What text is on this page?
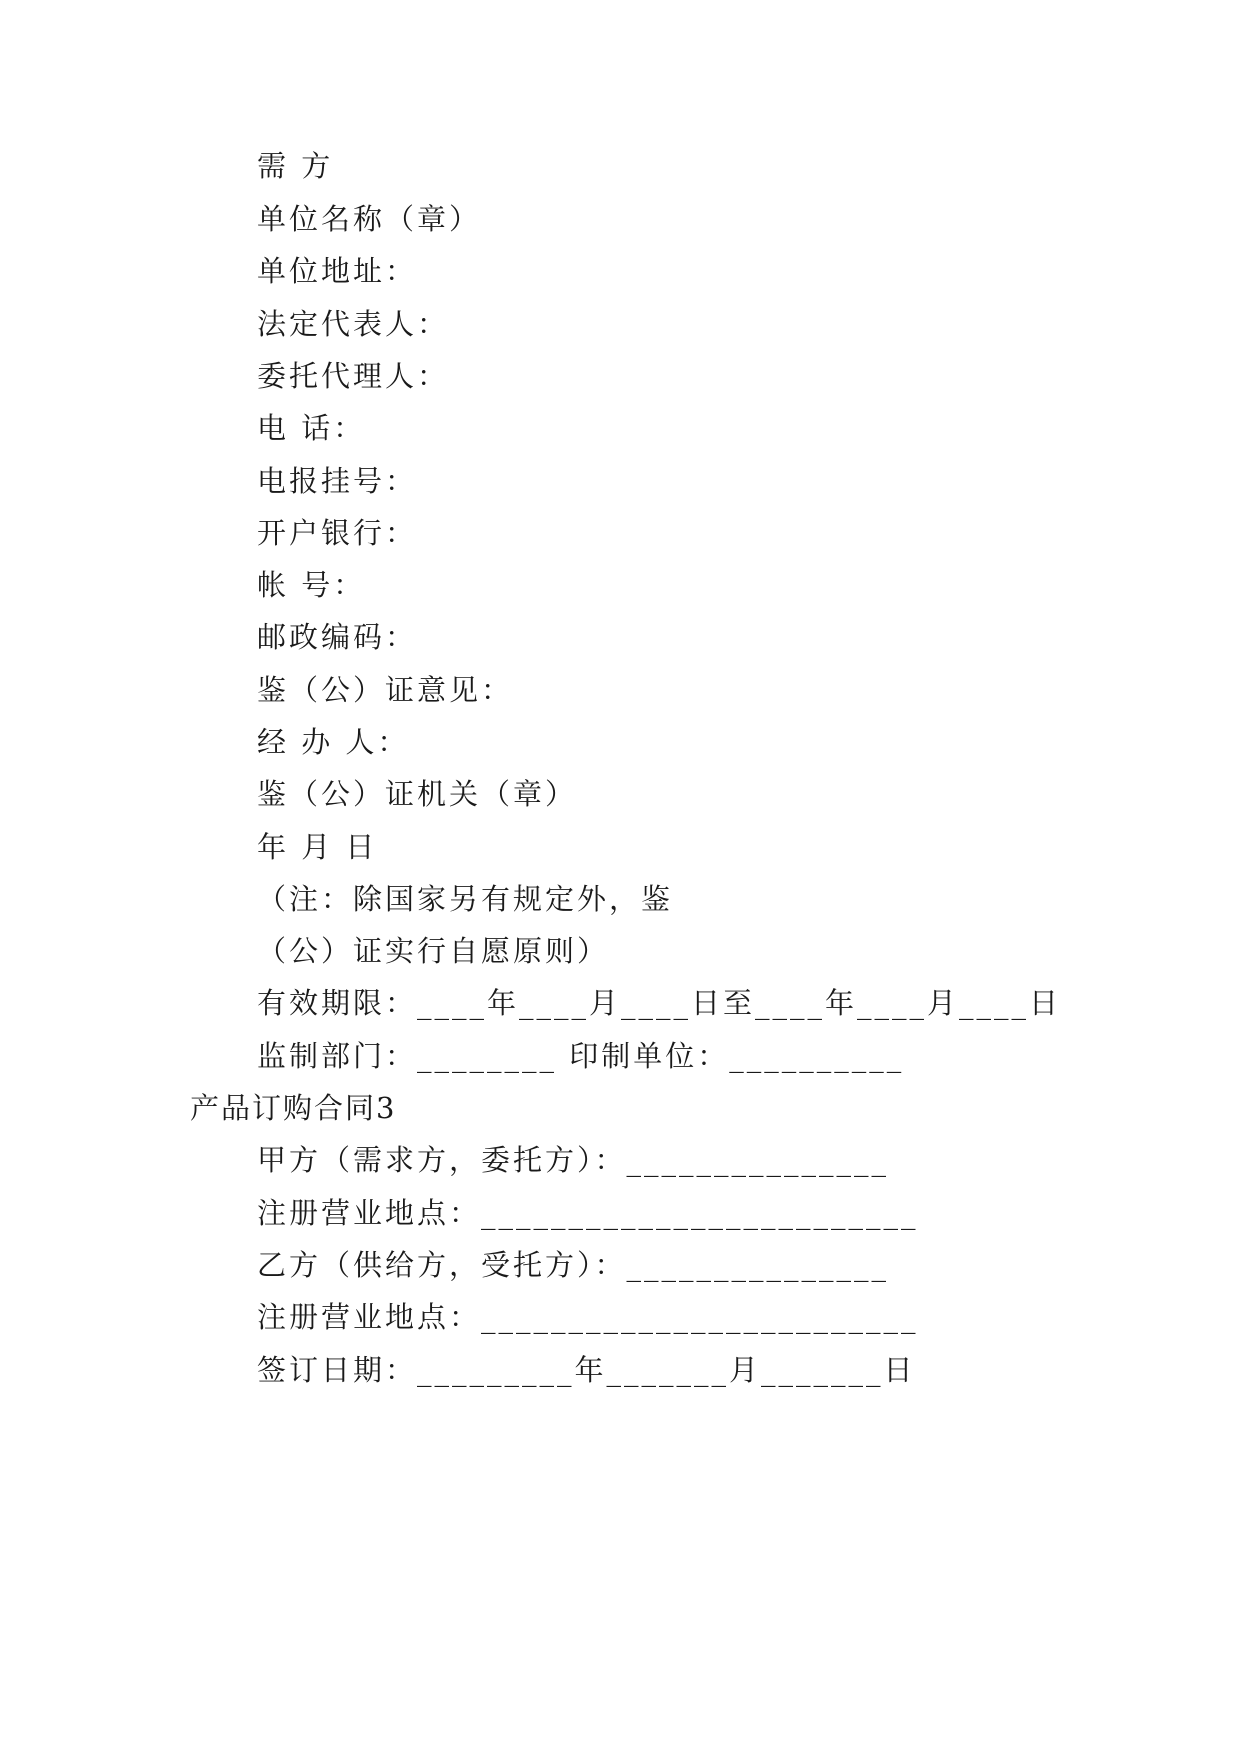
需 方
单位名称（章）
单位地址：
法定代表人：
委托代理人：
电 话：
电报挂号：
开户银行：
帐 号：
邮政编码：
鉴（公）证意见：
经 办 人：
鉴（公）证机关（章）
年 月 日
（注：除国家另有规定外，鉴
（公）证实行自愿原则）
有效期限：____年____月____日至____年____月____日
监制部门：________ 印制单位：__________
产品订购合同3
甲方（需求方，委托方）：_______________
注册营业地点：_________________________
乙方（供给方，受托方）：_______________
注册营业地点：_________________________
签订日期：_________年_______月_______日
